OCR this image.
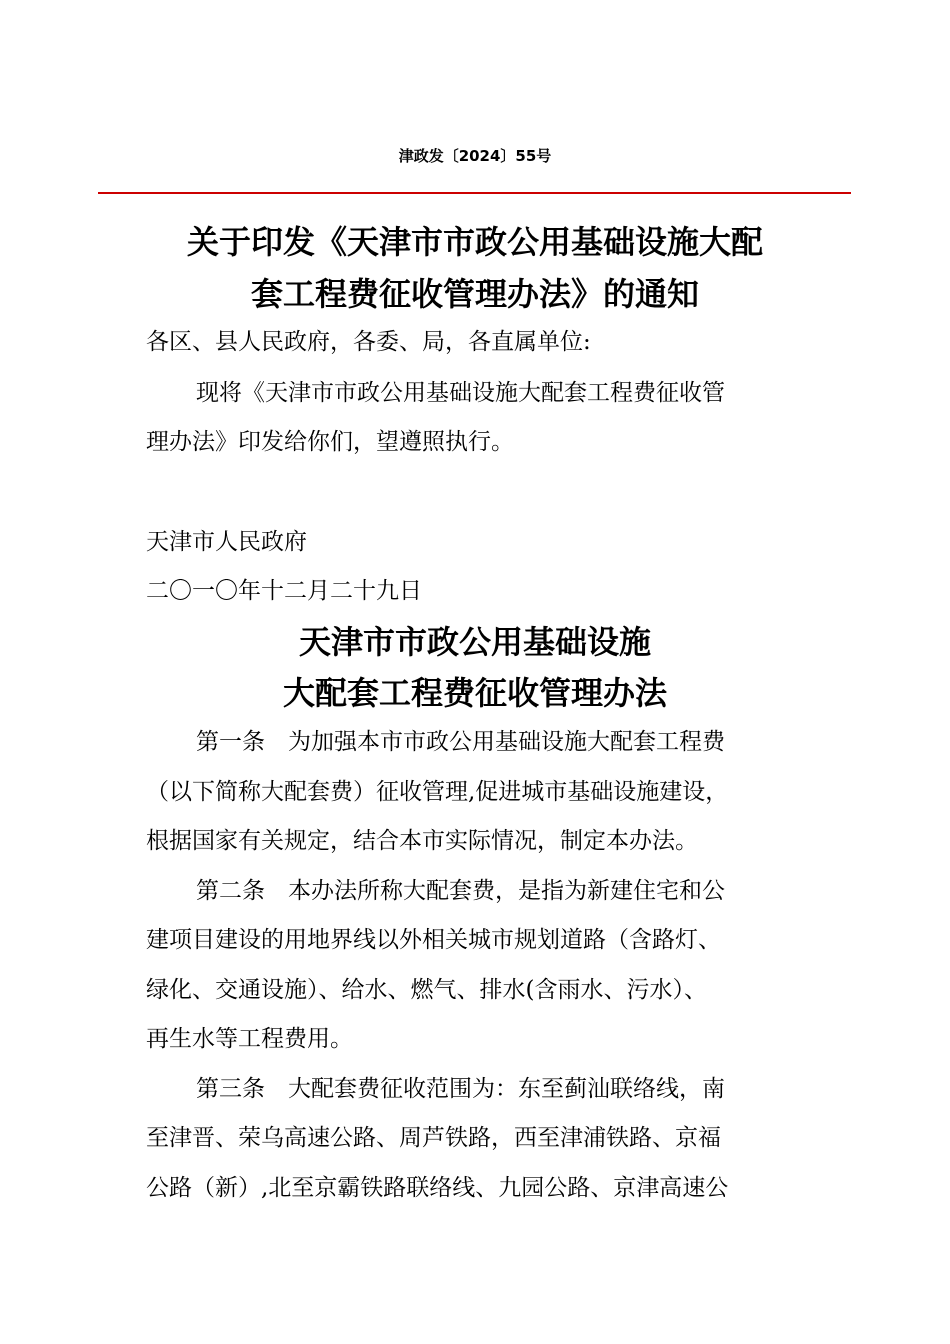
津政发〔2024〕55号
关于印发《天津市市政公用基础设施大配
套工程费征收管理办法》的通知
各区、县人民政府，各委、局，各直属单位:
现将《天津市市政公用基础设施大配套工程费征收管
理办法》印发给你们，望遵照执行。
天津市人民政府
二〇一〇年十二月二十九日
天津市市政公用基础设施
大配套工程费征收管理办法
第一条　为加强本市市政公用基础设施大配套工程费
（以下简称大配套费）征收管理,促进城市基础设施建设，
根据国家有关规定，结合本市实际情况，制定本办法。
第二条　本办法所称大配套费，是指为新建住宅和公
建项目建设的用地界线以外相关城市规划道路（含路灯、
绿化、交通设施）、给水、燃气、排水(含雨水、污水）、
再生水等工程费用。
第三条　大配套费征收范围为：东至蓟汕联络线，南
至津晋、荣乌高速公路、周芦铁路，西至津浦铁路、京福
公路（新）,北至京霸铁路联络线、九园公路、京津高速公
